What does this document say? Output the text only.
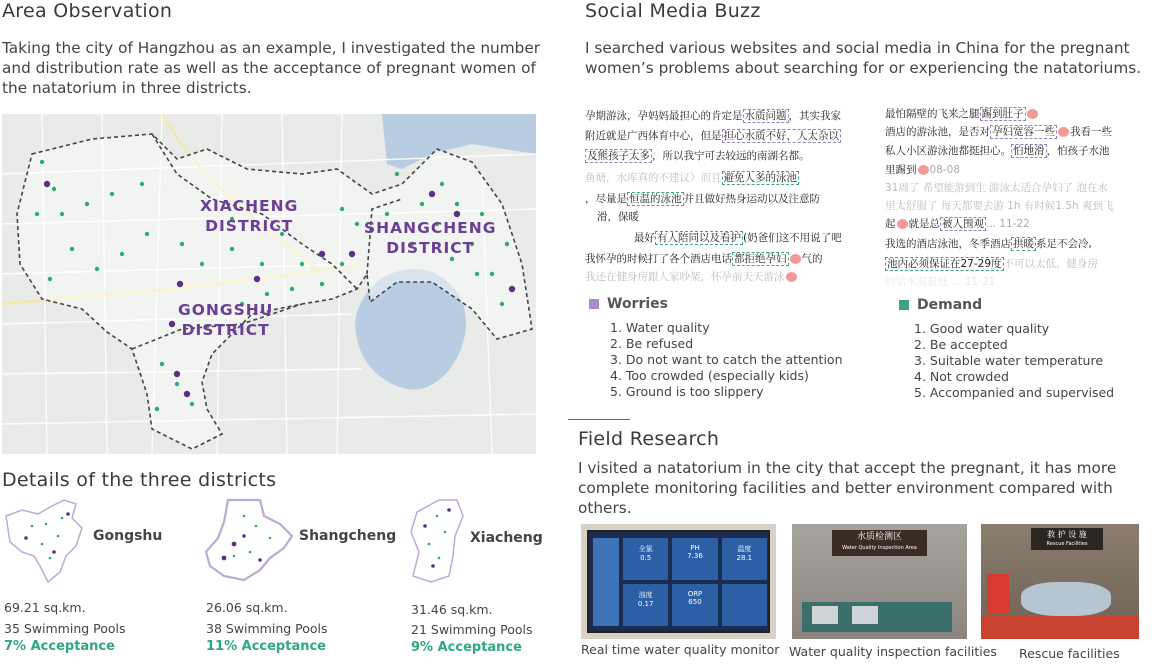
Area Observation
Taking the city of Hangzhou as an example, I investigated the number and distribution rate as well as the acceptance of pregnant women of the natatorium in three districts.
XIACHENG
DISTRICT	SHANGCHENG
DISTRICT
GONGSHU
DISTRICT
Details of the three districts
Gongshu
69.21 sq.km.
35 Swimming Pools
7% Acceptance
Shangcheng
26.06 sq.km.
38 Swimming Pools
11% Acceptance
Xiacheng
31.46 sq.km.
21 Swimming Pools
9% Acceptance
Social Media Buzz
I searched various websites and social media in China for the pregnant women’s problems about searching for or experiencing the natatoriums.
孕期游泳，孕妈妈最担心的肯定是 水质问题 ，其实我家
附近就是广西体育中心，但是 担心水质不好，人太杂以
及熊孩子太多 ，所以我宁可去较远的南湖名都。
鱼塘，水库真的不建议）而且 避免人多的泳池
，尽量是 恒温的泳池 并且做好热身运动以及注意防
滑，保暖
最好 有人陪同以及看护 (奶爸们这不用说了吧
我怀孕的时候打了各个酒店电话 都拒绝孕妇 气的
我还在健身房跟人家吵架，怀孕前天天游泳
最怕隔壁的飞来之腿 踢到肚子
酒店的游泳池，是否对 孕妇宽容一些 我看一些
私人小区游泳池都挺担心。 怕地滑 ，怕孩子水池
里踢到 08-08
31周了 希望能游到生 游泳太适合孕妇了 泡在水
里太舒服了 每天都要去游 1h 有时候1.5h 爽到飞
起 就是总 被人围观 ... 11-22
我选的酒店泳池，冬季酒店 拱暖 系足不会冷,
池内必须保证在27-29度 不可以太低，健身房
的话水温很低 ... 11-21
Worries
1. Water quality
2. Be refused
3. Do not want to catch the attention
4. Too crowded (especially kids)
5. Ground is too slippery
Demand
1. Good water quality
2. Be accepted
3. Suitable water temperature
4. Not crowded
5. Accompanied and supervised
Field Research
I visited a natatorium in the city that accept the pregnant, it has more complete monitoring facilities and better environment compared with others.
全氯
0.5
PH
7.36
温度
28.1
浊度
0.17
ORP
650
Real time water quality monitor
水质检测区
Water Quality Inspection Area
Water quality inspection facilities
救 护 设 施
Rescue Facilities
Rescue facilities
